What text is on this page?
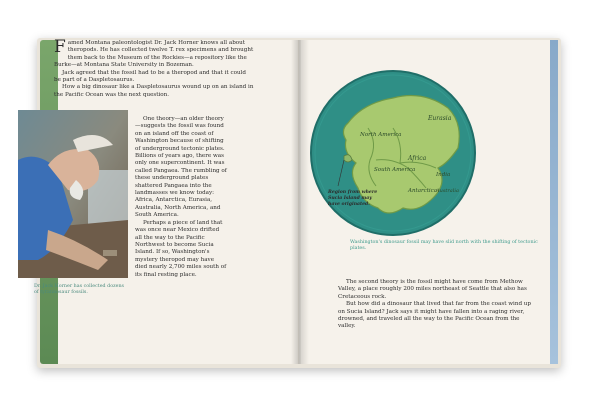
Famed Montana paleontologist Dr. Jack Horner knows all about theropods. He has collected twelve T. rex specimens and brought them back to the Museum of the Rockies—a repository like the Burke—at Montana State University in Bozeman.

Jack agreed that the fossil had to be a theropod and that it could be part of a Daspletosaurus.

How a big dinosaur like a Daspletosaurus wound up on an island in the Pacific Ocean was the next question.

Dr. Jack Horner has collected dozens of tyrannosaur fossils.

One theory—an older theory—suggests the fossil was found on an island off the coast of Washington because of shifting of underground tectonic plates. Billions of years ago, there was only one supercontinent. It was called Pangaea. The rumbling of these underground plates shattered Pangaea into the landmasses we know today: Africa, Antarctica, Eurasia, Australia, North America, and South America.

Perhaps a piece of land that was once near Mexico drifted all the way to the Pacific Northwest to become Sucia Island. If so, Washington's mystery theropod may have died nearly 2,700 miles south of its final resting place.

Eurasia
North America
South America
Africa
India
Antarctica
Australia
Region from where Sucia Island may have originated.
Washington's dinosaur fossil may have slid north with the shifting of tectonic plates.

The second theory is the fossil might have come from Methow Valley, a place roughly 200 miles northeast of Seattle that also has Cretaceous rock.

But how did a dinosaur that lived that far from the coast wind up on Sucia Island? Jack says it might have fallen into a raging river, drowned, and traveled all the way to the Pacific Ocean from the valley.
